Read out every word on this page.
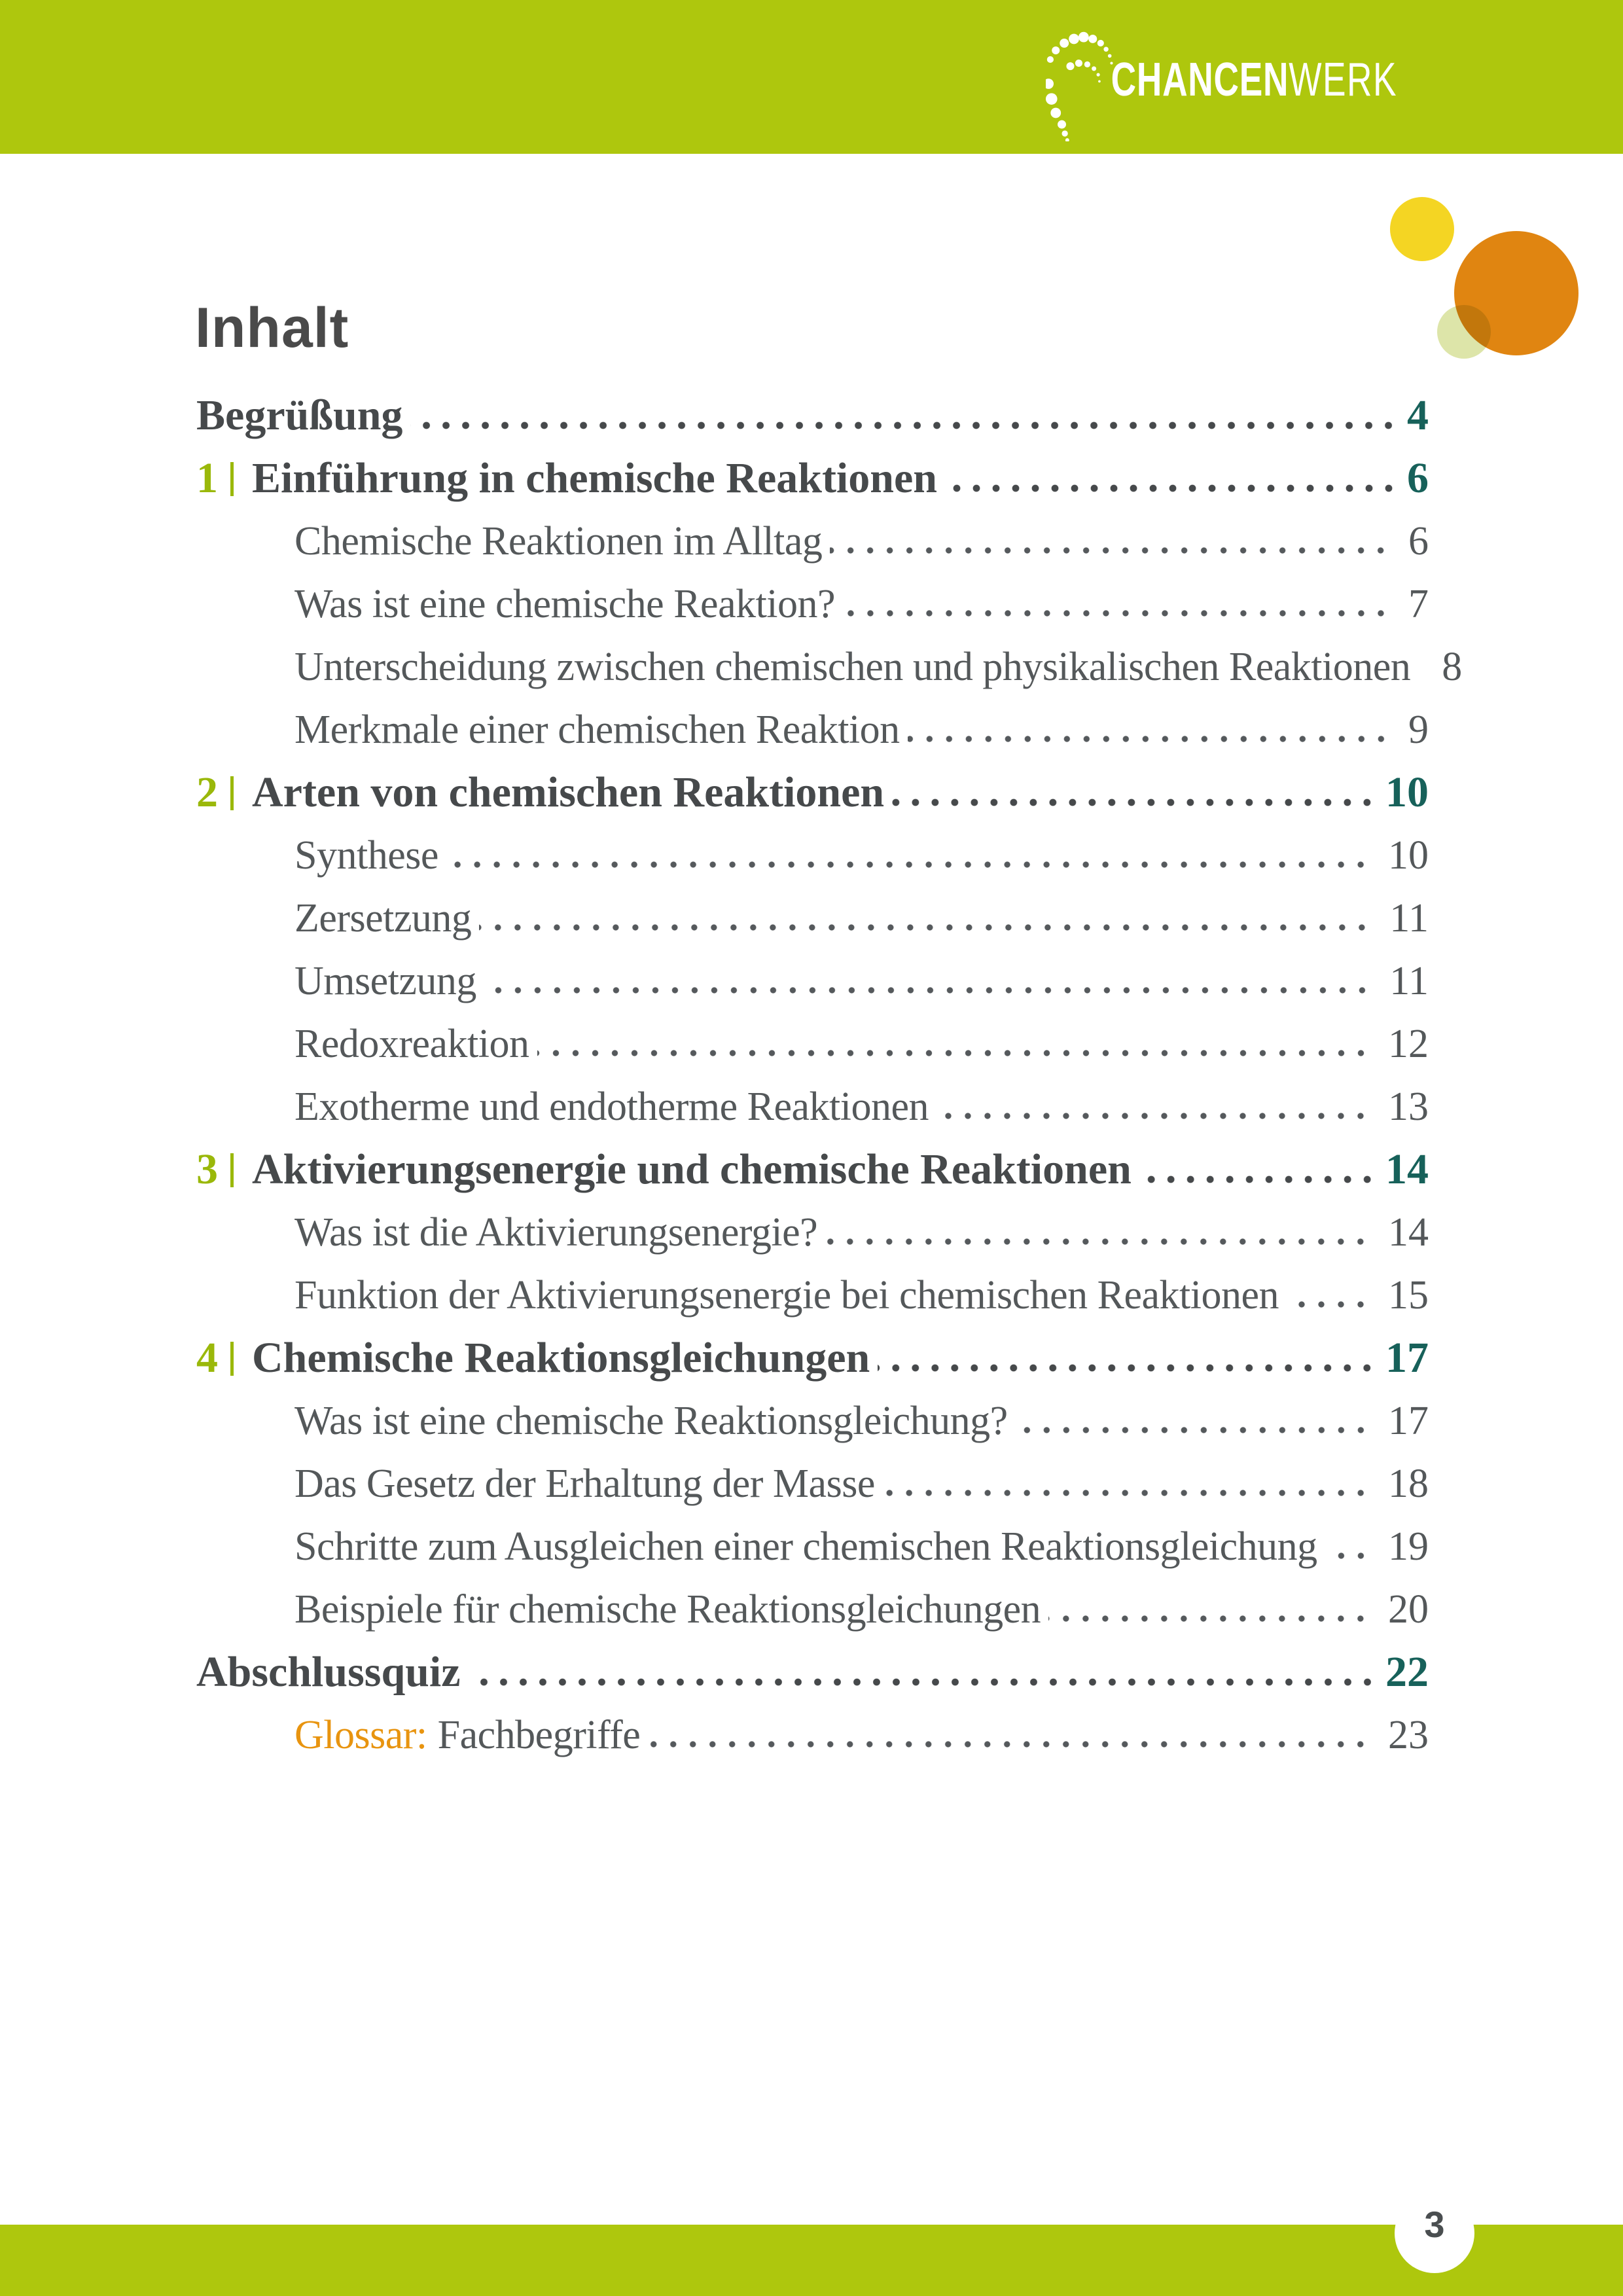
CHANCENWERK
Inhalt
Begrüßung	4
1 Einführung in chemische Reaktionen	6
Chemische Reaktionen im Alltag	6
Was ist eine chemische Reaktion?	7
Unterscheidung zwischen chemischen und physikalischen Reaktionen 8
Merkmale einer chemischen Reaktion	9
2 Arten von chemischen Reaktionen	10
Synthese	10
Zersetzung	11
Umsetzung	11
Redoxreaktion	12
Exotherme und endotherme Reaktionen	13
3 Aktivierungsenergie und chemische Reaktionen	14
Was ist die Aktivierungsenergie?	14
Funktion der Aktivierungsenergie bei chemischen Reaktionen	15
4 Chemische Reaktionsgleichungen	17
Was ist eine chemische Reaktionsgleichung?	17
Das Gesetz der Erhaltung der Masse	18
Schritte zum Ausgleichen einer chemischen Reaktionsgleichung 19
Beispiele für chemische Reaktionsgleichungen	20
Abschlussquiz	22
Glossar: Fachbegriffe	23
3
